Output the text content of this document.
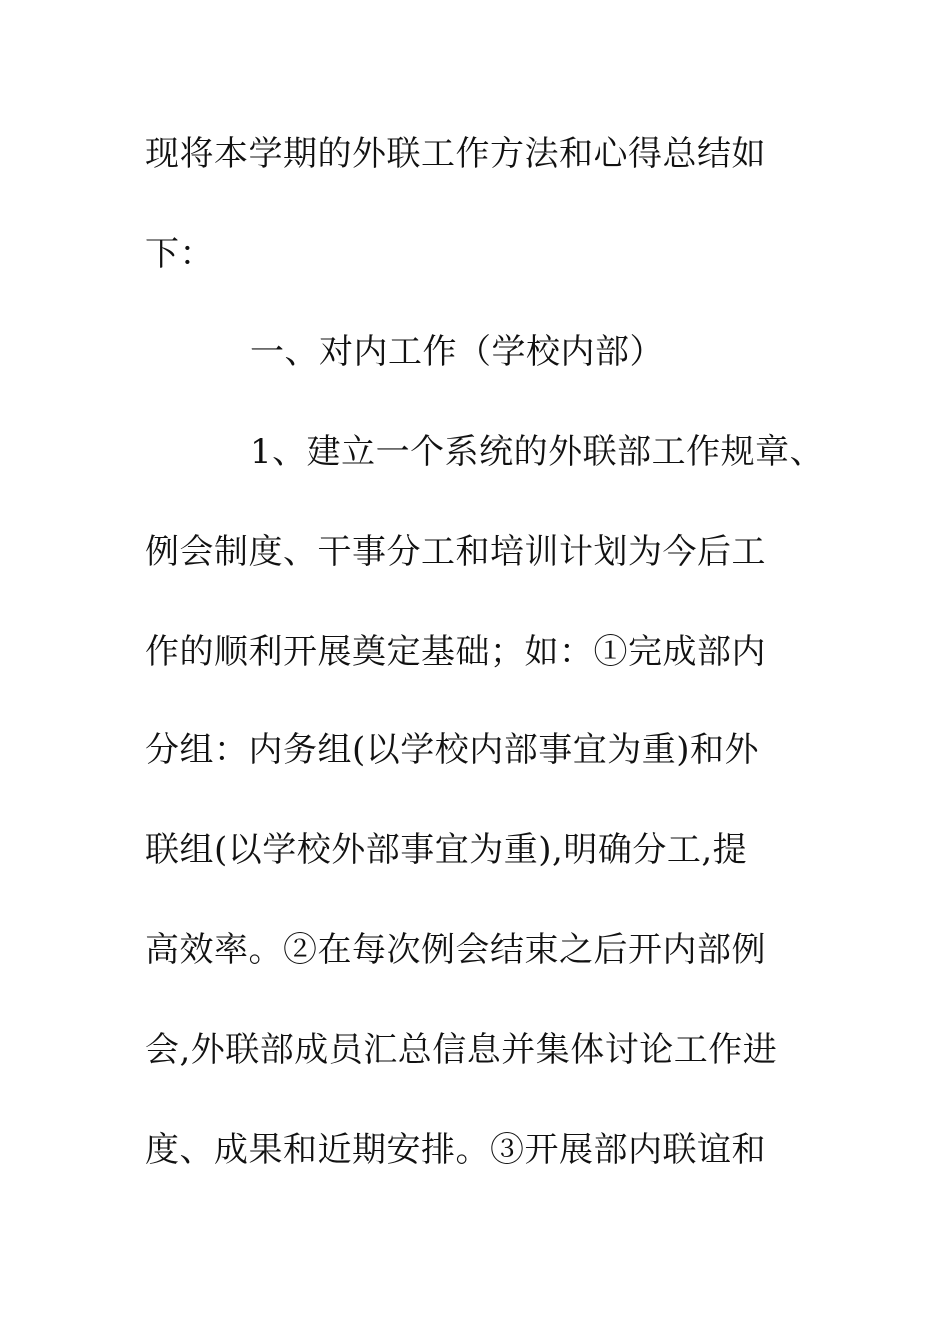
现将本学期的外联工作方法和心得总结如
下：
一、对内工作（学校内部）
1、建立一个系统的外联部工作规章、
例会制度、干事分工和培训计划为今后工
作的顺利开展奠定基础；如：①完成部内
分组：内务组(以学校内部事宜为重)和外
联组(以学校外部事宜为重),明确分工,提
高效率。②在每次例会结束之后开内部例
会,外联部成员汇总信息并集体讨论工作进
度、成果和近期安排。③开展部内联谊和
